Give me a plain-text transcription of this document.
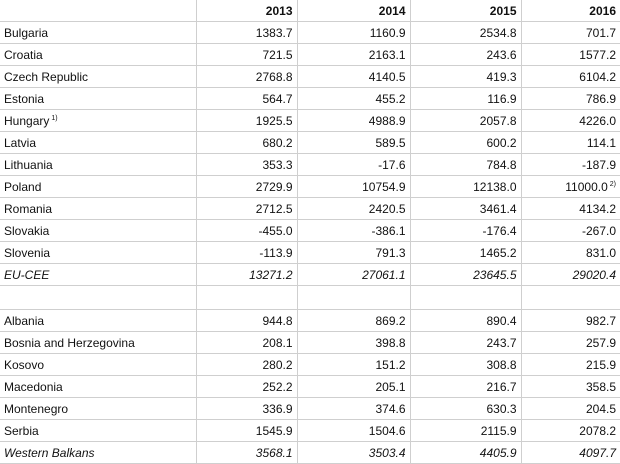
	2013	2014	2015	2016
Bulgaria	1383.7	1160.9	2534.8	701.7
Croatia	721.5	2163.1	243.6	1577.2
Czech Republic	2768.8	4140.5	419.3	6104.2
Estonia	564.7	455.2	116.9	786.9
Hungary $^{1)}$	1925.5	4988.9	2057.8	4226.0
Latvia	680.2	589.5	600.2	114.1
Lithuania	353.3	-17.6	784.8	-187.9
Poland	2729.9	10754.9	12138.0	11000.0 $^{2)}$
Romania	2712.5	2420.5	3461.4	4134.2
Slovakia	-455.0	-386.1	-176.4	-267.0
Slovenia	-113.9	791.3	1465.2	831.0
EU-CEE	13271.2	27061.1	23645.5	29020.4

Albania	944.8	869.2	890.4	982.7
Bosnia and Herzegovina	208.1	398.8	243.7	257.9
Kosovo	280.2	151.2	308.8	215.9
Macedonia	252.2	205.1	216.7	358.5
Montenegro	336.9	374.6	630.3	204.5
Serbia	1545.9	1504.6	2115.9	2078.2
Western Balkans	3568.1	3503.4	4405.9	4097.7
